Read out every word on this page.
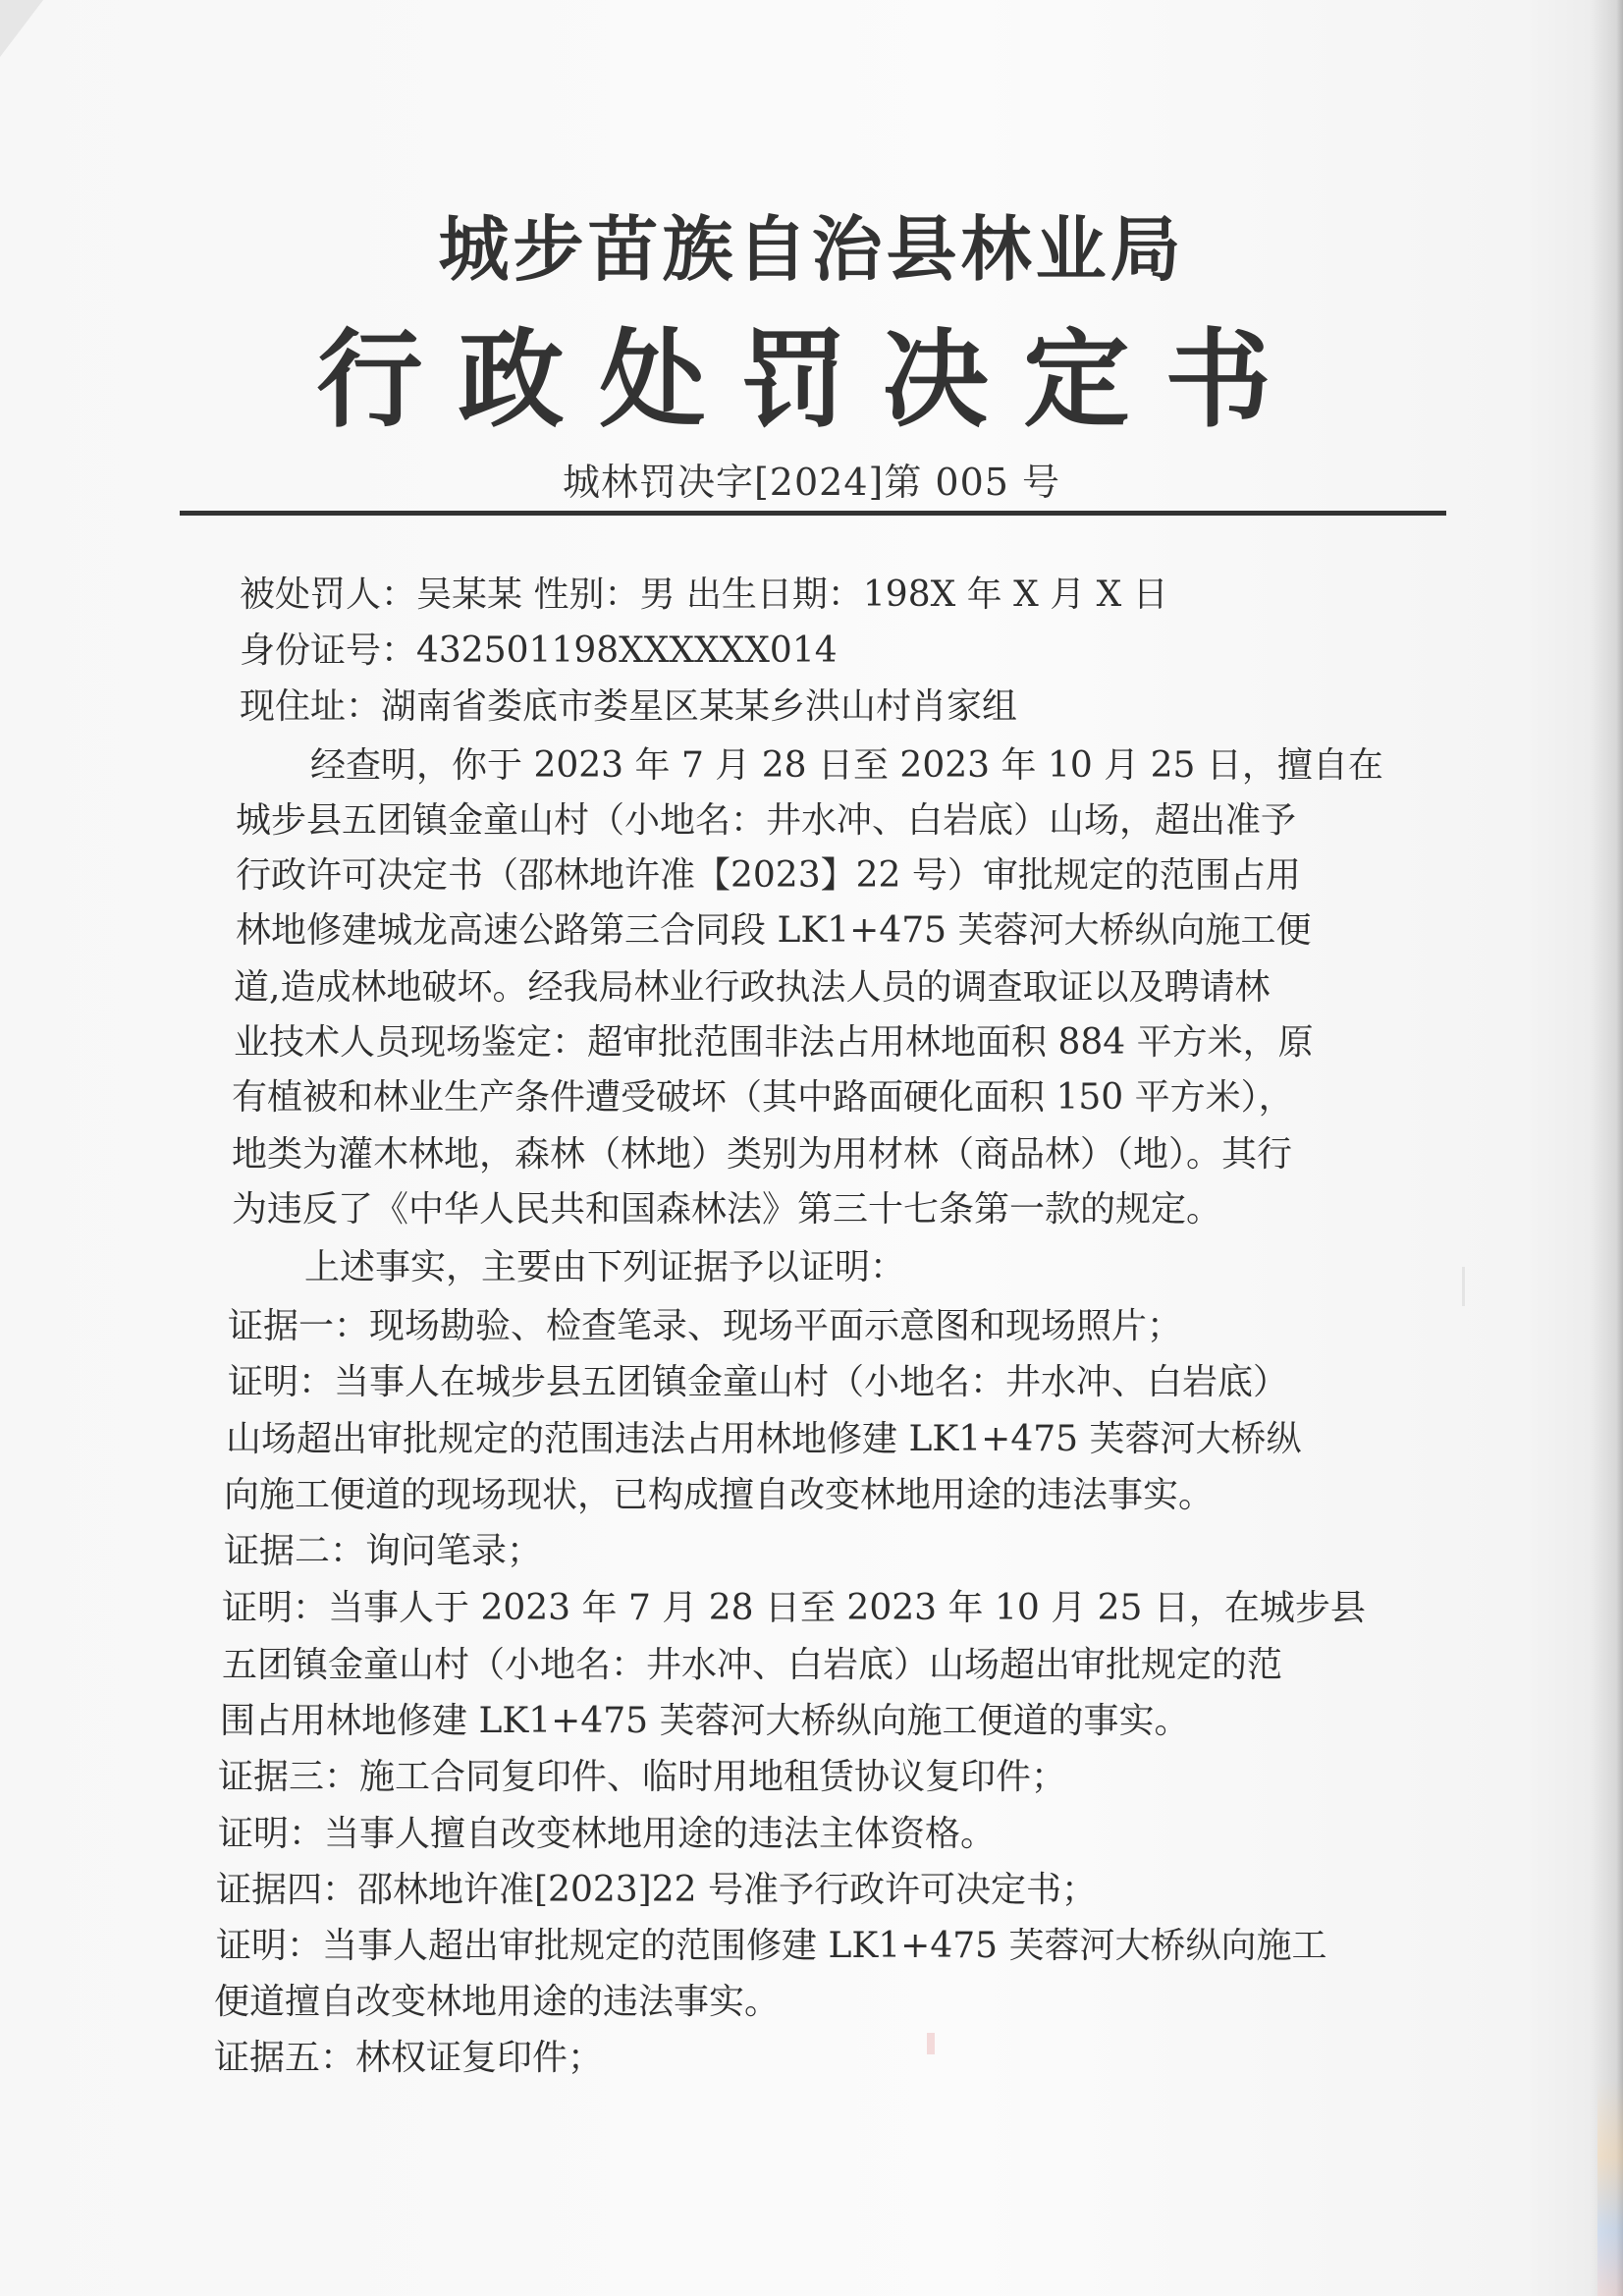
城步苗族自治县林业局
行政处罚决定书
城林罚决字[2024]第 005 号
被处罚人：吴某某 性别：男 出生日期：198X 年 X 月 X 日
身份证号：432501198XXXXXX014
现住址：湖南省娄底市娄星区某某乡洪山村肖家组
经查明，你于 2023 年 7 月 28 日至 2023 年 10 月 25 日，擅自在
城步县五团镇金童山村（小地名：井水冲、白岩底）山场，超出准予
行政许可决定书（邵林地许准【2023】22 号）审批规定的范围占用
林地修建城龙高速公路第三合同段 LK1+475 芙蓉河大桥纵向施工便
道,造成林地破坏。经我局林业行政执法人员的调查取证以及聘请林
业技术人员现场鉴定：超审批范围非法占用林地面积 884 平方米，原
有植被和林业生产条件遭受破坏（其中路面硬化面积 150 平方米），
地类为灌木林地，森林（林地）类别为用材林（商品林）（地）。其行
为违反了《中华人民共和国森林法》第三十七条第一款的规定。
上述事实，主要由下列证据予以证明：
证据一：现场勘验、检查笔录、现场平面示意图和现场照片；
证明：当事人在城步县五团镇金童山村（小地名：井水冲、白岩底）
山场超出审批规定的范围违法占用林地修建 LK1+475 芙蓉河大桥纵
向施工便道的现场现状，已构成擅自改变林地用途的违法事实。
证据二：询问笔录；
证明：当事人于 2023 年 7 月 28 日至 2023 年 10 月 25 日，在城步县
五团镇金童山村（小地名：井水冲、白岩底）山场超出审批规定的范
围占用林地修建 LK1+475 芙蓉河大桥纵向施工便道的事实。
证据三：施工合同复印件、临时用地租赁协议复印件；
证明：当事人擅自改变林地用途的违法主体资格。
证据四：邵林地许准[2023]22 号准予行政许可决定书；
证明：当事人超出审批规定的范围修建 LK1+475 芙蓉河大桥纵向施工
便道擅自改变林地用途的违法事实。
证据五：林权证复印件；
